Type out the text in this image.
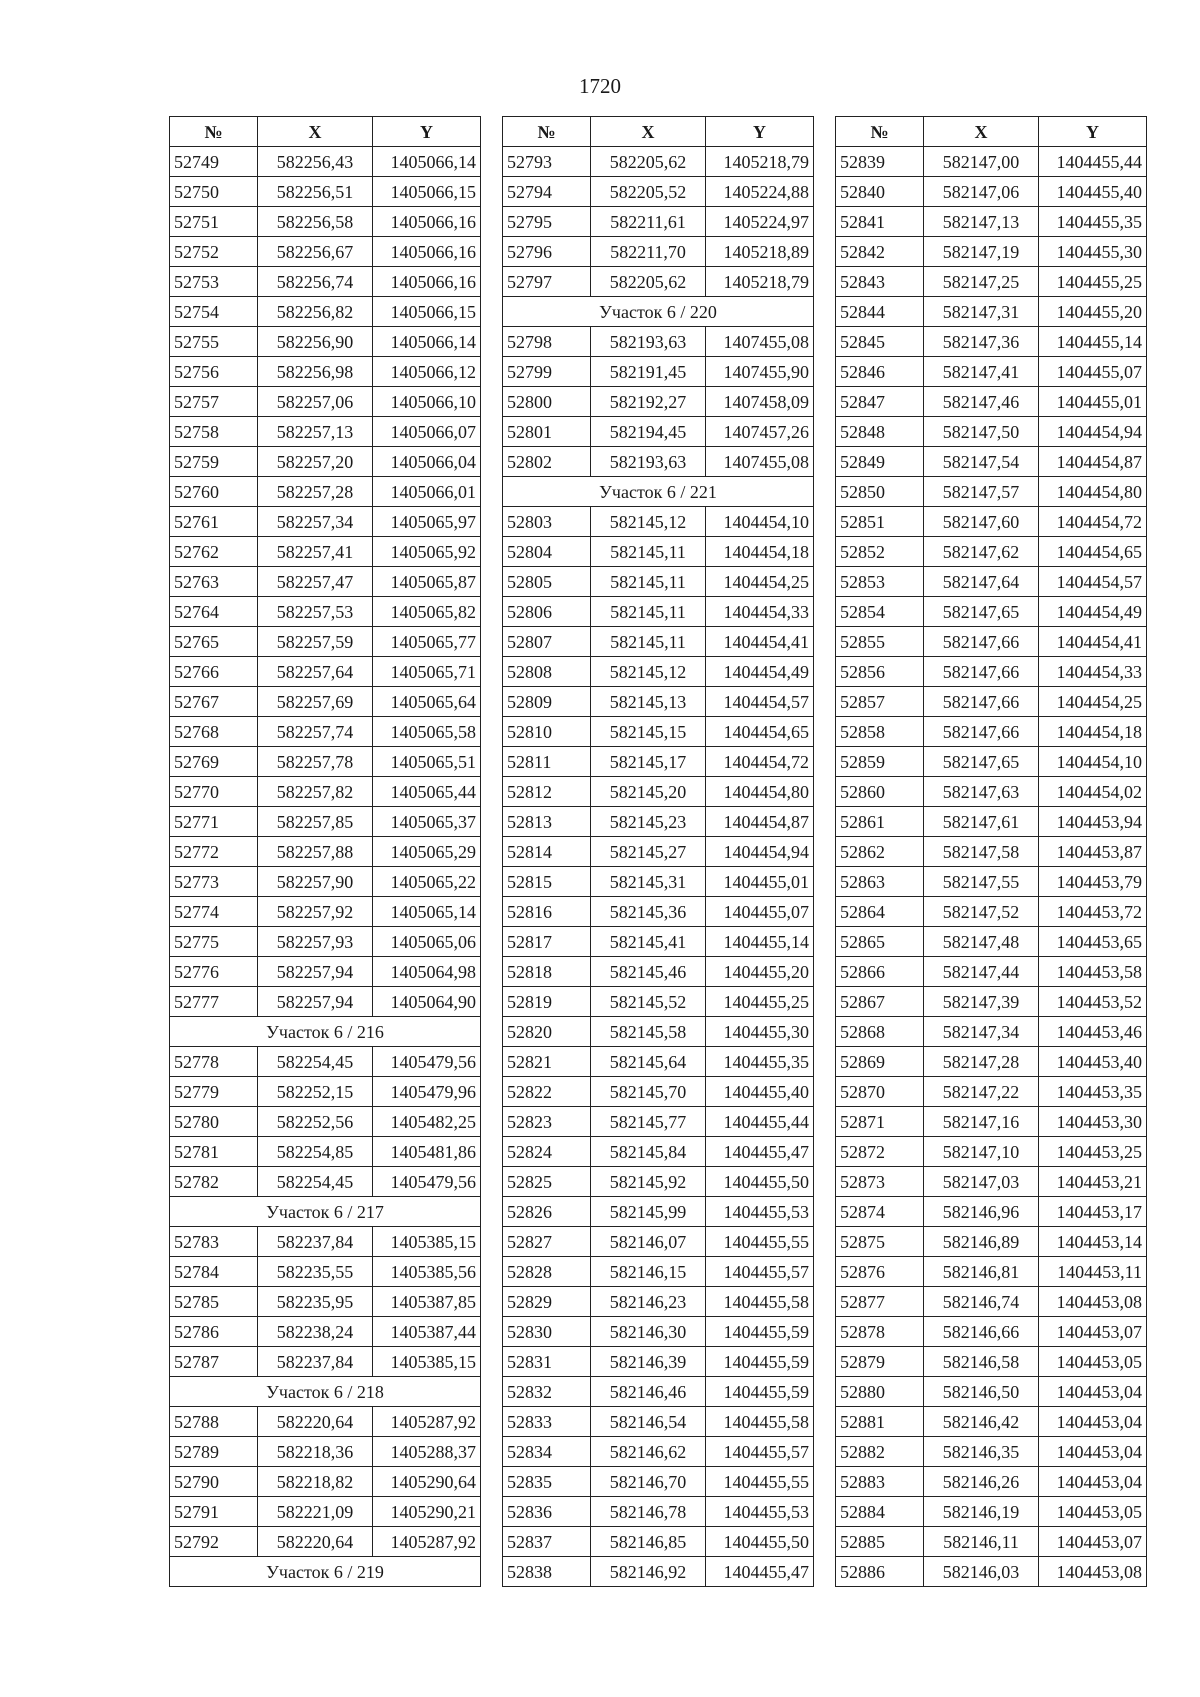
1720
№	X	Y
52749	582256,43	1405066,14
52750	582256,51	1405066,15
52751	582256,58	1405066,16
52752	582256,67	1405066,16
52753	582256,74	1405066,16
52754	582256,82	1405066,15
52755	582256,90	1405066,14
52756	582256,98	1405066,12
52757	582257,06	1405066,10
52758	582257,13	1405066,07
52759	582257,20	1405066,04
52760	582257,28	1405066,01
52761	582257,34	1405065,97
52762	582257,41	1405065,92
52763	582257,47	1405065,87
52764	582257,53	1405065,82
52765	582257,59	1405065,77
52766	582257,64	1405065,71
52767	582257,69	1405065,64
52768	582257,74	1405065,58
52769	582257,78	1405065,51
52770	582257,82	1405065,44
52771	582257,85	1405065,37
52772	582257,88	1405065,29
52773	582257,90	1405065,22
52774	582257,92	1405065,14
52775	582257,93	1405065,06
52776	582257,94	1405064,98
52777	582257,94	1405064,90
Участок 6 / 216		
52778	582254,45	1405479,56
52779	582252,15	1405479,96
52780	582252,56	1405482,25
52781	582254,85	1405481,86
52782	582254,45	1405479,56
Участок 6 / 217		
52783	582237,84	1405385,15
52784	582235,55	1405385,56
52785	582235,95	1405387,85
52786	582238,24	1405387,44
52787	582237,84	1405385,15
Участок 6 / 218		
52788	582220,64	1405287,92
52789	582218,36	1405288,37
52790	582218,82	1405290,64
52791	582221,09	1405290,21
52792	582220,64	1405287,92
Участок 6 / 219		
№	X	Y
52793	582205,62	1405218,79
52794	582205,52	1405224,88
52795	582211,61	1405224,97
52796	582211,70	1405218,89
52797	582205,62	1405218,79
Участок 6 / 220		
52798	582193,63	1407455,08
52799	582191,45	1407455,90
52800	582192,27	1407458,09
52801	582194,45	1407457,26
52802	582193,63	1407455,08
Участок 6 / 221		
52803	582145,12	1404454,10
52804	582145,11	1404454,18
52805	582145,11	1404454,25
52806	582145,11	1404454,33
52807	582145,11	1404454,41
52808	582145,12	1404454,49
52809	582145,13	1404454,57
52810	582145,15	1404454,65
52811	582145,17	1404454,72
52812	582145,20	1404454,80
52813	582145,23	1404454,87
52814	582145,27	1404454,94
52815	582145,31	1404455,01
52816	582145,36	1404455,07
52817	582145,41	1404455,14
52818	582145,46	1404455,20
52819	582145,52	1404455,25
52820	582145,58	1404455,30
52821	582145,64	1404455,35
52822	582145,70	1404455,40
52823	582145,77	1404455,44
52824	582145,84	1404455,47
52825	582145,92	1404455,50
52826	582145,99	1404455,53
52827	582146,07	1404455,55
52828	582146,15	1404455,57
52829	582146,23	1404455,58
52830	582146,30	1404455,59
52831	582146,39	1404455,59
52832	582146,46	1404455,59
52833	582146,54	1404455,58
52834	582146,62	1404455,57
52835	582146,70	1404455,55
52836	582146,78	1404455,53
52837	582146,85	1404455,50
52838	582146,92	1404455,47
№	X	Y
52839	582147,00	1404455,44
52840	582147,06	1404455,40
52841	582147,13	1404455,35
52842	582147,19	1404455,30
52843	582147,25	1404455,25
52844	582147,31	1404455,20
52845	582147,36	1404455,14
52846	582147,41	1404455,07
52847	582147,46	1404455,01
52848	582147,50	1404454,94
52849	582147,54	1404454,87
52850	582147,57	1404454,80
52851	582147,60	1404454,72
52852	582147,62	1404454,65
52853	582147,64	1404454,57
52854	582147,65	1404454,49
52855	582147,66	1404454,41
52856	582147,66	1404454,33
52857	582147,66	1404454,25
52858	582147,66	1404454,18
52859	582147,65	1404454,10
52860	582147,63	1404454,02
52861	582147,61	1404453,94
52862	582147,58	1404453,87
52863	582147,55	1404453,79
52864	582147,52	1404453,72
52865	582147,48	1404453,65
52866	582147,44	1404453,58
52867	582147,39	1404453,52
52868	582147,34	1404453,46
52869	582147,28	1404453,40
52870	582147,22	1404453,35
52871	582147,16	1404453,30
52872	582147,10	1404453,25
52873	582147,03	1404453,21
52874	582146,96	1404453,17
52875	582146,89	1404453,14
52876	582146,81	1404453,11
52877	582146,74	1404453,08
52878	582146,66	1404453,07
52879	582146,58	1404453,05
52880	582146,50	1404453,04
52881	582146,42	1404453,04
52882	582146,35	1404453,04
52883	582146,26	1404453,04
52884	582146,19	1404453,05
52885	582146,11	1404453,07
52886	582146,03	1404453,08
